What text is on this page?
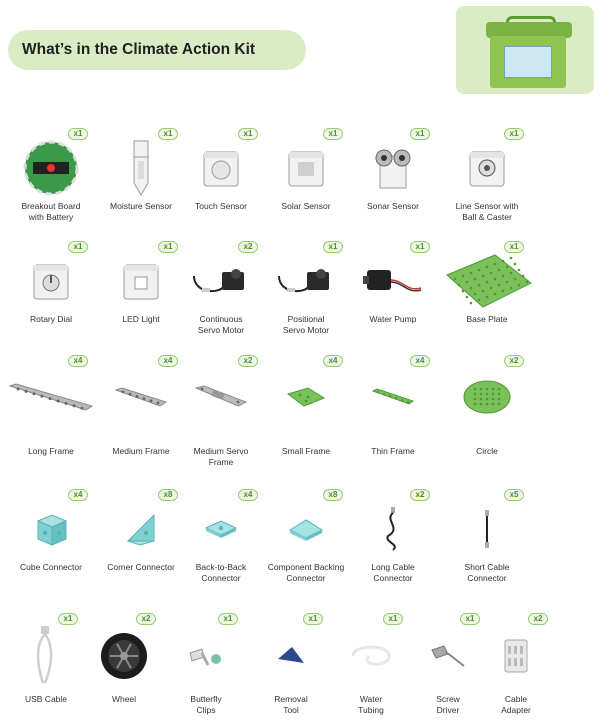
What’s in the Climate Action Kit
x1
Breakout Board
with Battery
x1
Moisture Sensor
x1
Touch Sensor
x1
Solar Sensor
x1
Sonar Sensor
x1
Line Sensor with
Ball & Caster
x1
Rotary Dial
x1
LED Light
x2
Continuous
Servo Motor
x1
Positional
Servo Motor
x1
Water Pump
x1
Base Plate
x4
Long Frame
x4
Medium Frame
x2
Medium Servo
Frame
x4
Small Frame
x4
Thin Frame
x2
Circle
x4
Cube Connector
x8
Corner Connector
x4
Back-to-Back
Connector
x8
Component Backing
Connector
x2
Long Cable
Connector
x5
Short Cable
Connector
x1
USB Cable
x2
Wheel
x1
Butterfly
Clips
x1
Removal
Tool
x1
Water
Tubing
x1
Screw
Driver
x2
Cable
Adapter
